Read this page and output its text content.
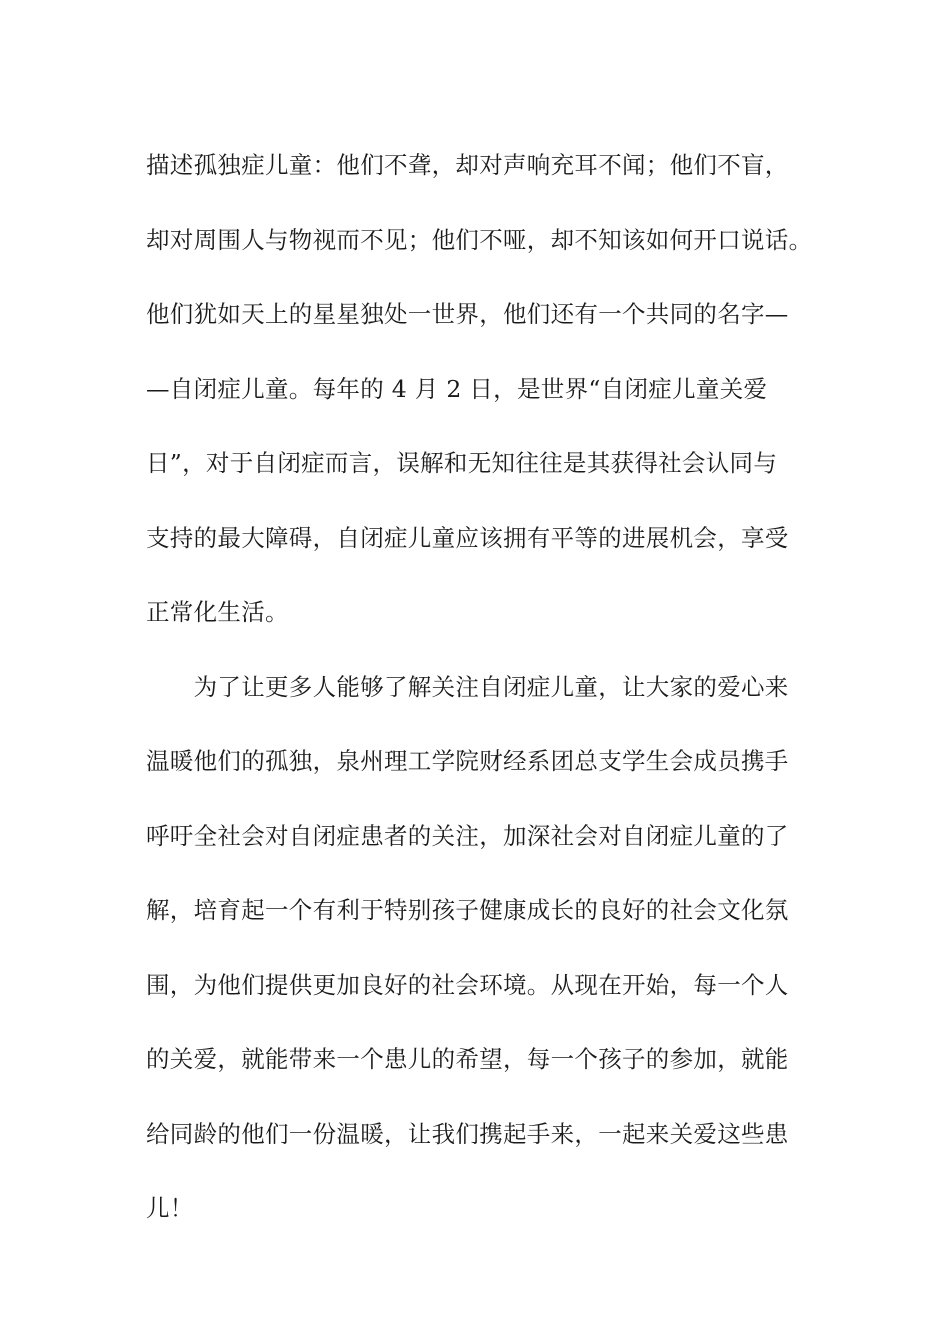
描述孤独症儿童：他们不聋，却对声响充耳不闻；他们不盲，
却对周围人与物视而不见；他们不哑，却不知该如何开口说话。
他们犹如天上的星星独处一世界，他们还有一个共同的名字—
—自闭症儿童。每年的 4 月 2 日，是世界“自闭症儿童关爱
日”，对于自闭症而言，误解和无知往往是其获得社会认同与
支持的最大障碍，自闭症儿童应该拥有平等的进展机会，享受
正常化生活。
　　为了让更多人能够了解关注自闭症儿童，让大家的爱心来
温暖他们的孤独，泉州理工学院财经系团总支学生会成员携手
呼吁全社会对自闭症患者的关注，加深社会对自闭症儿童的了
解，培育起一个有利于特别孩子健康成长的良好的社会文化氛
围，为他们提供更加良好的社会环境。从现在开始，每一个人
的关爱，就能带来一个患儿的希望，每一个孩子的参加，就能
给同龄的他们一份温暖，让我们携起手来，一起来关爱这些患
儿！
